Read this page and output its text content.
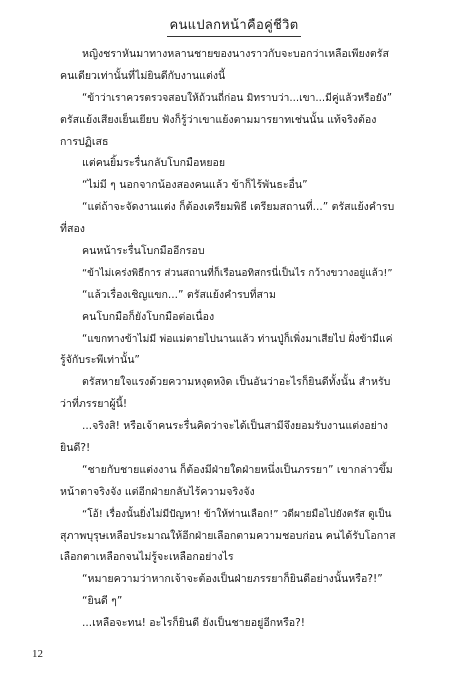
คนแปลกหน้าคือคู่ชีวิต
หญิงชราหันมาทางหลานชายของนางราวกับจะบอกว่าเหลือเพียงตรัส
คนเดียวเท่านั้นที่ไม่ยินดีกับงานแต่งนี้
“ข้าว่าเราควรตรวจสอบให้ถ้วนถี่ก่อน มิทราบว่า...เขา...มีคู่แล้วหรือยัง”
ตรัสแย้งเสียงเย็นเยียบ ฟังก็รู้ว่าเขาแย้งตามมารยาทเช่นนั้น แท้จริงต้อง
การปฏิเสธ
แต่คนยิ้มระรื่นกลับโบกมือหยอย
“ไม่มี ๆ นอกจากน้องสองคนแล้ว ข้าก็ไร้พันธะอื่น”
“แต่ถ้าจะจัดงานแต่ง ก็ต้องเตรียมพิธี เตรียมสถานที่...” ตรัสแย้งคำรบ
ที่สอง
คนหน้าระรื่นโบกมืออีกรอบ
“ข้าไม่เคร่งพิธีการ ส่วนสถานที่ก็เรือนอทิสกรนี่เป็นไร กว้างขวางอยู่แล้ว!”
“แล้วเรื่องเชิญแขก...” ตรัสแย้งคำรบที่สาม
คนโบกมือก็ยังโบกมือต่อเนื่อง
“แขกทางข้าไม่มี พ่อแม่ตายไปนานแล้ว ท่านปู่ก็เพิ่งมาเสียไป ฝั่งข้ามีแค่
รู้จักับระพีเท่านั้น”
ตรัสหายใจแรงด้วยความหงุดหงิด เป็นอันว่าอะไรก็ยินดีทั้งนั้น สำหรับ
ว่าที่ภรรยาผู้นี้!
...จริงสิ! หรือเจ้าคนระรื่นคิดว่าจะได้เป็นสามีจึงยอมรับงานแต่งอย่าง
ยินดี?!
“ชายกับชายแต่งงาน ก็ต้องมีฝ่ายใดฝ่ายหนึ่งเป็นภรรยา” เขากล่าวขึ้ม
หน้าตาจริงจัง แต่อีกฝ่ายกลับไร้ความจริงจัง
“โอ้! เรื่องนั้นยิ่งไม่มีปัญหา! ข้าให้ท่านเลือก!” วดีผายมือไปยังตรัส ดูเป็น
สุภาพบุรุษเหลือประมาณให้อีกฝ่ายเลือกตามความชอบก่อน คนได้รับโอกาส
เลือกตาเหลือกจนไม่รู้จะเหลือกอย่างไร
“หมายความว่าหากเจ้าจะต้องเป็นฝ่ายภรรยาก็ยินดีอย่างนั้นหรือ?!”
“ยินดี ๆ”
...เหลือจะทน! อะไรก็ยินดี ยังเป็นชายอยู่อีกหรือ?!
12
